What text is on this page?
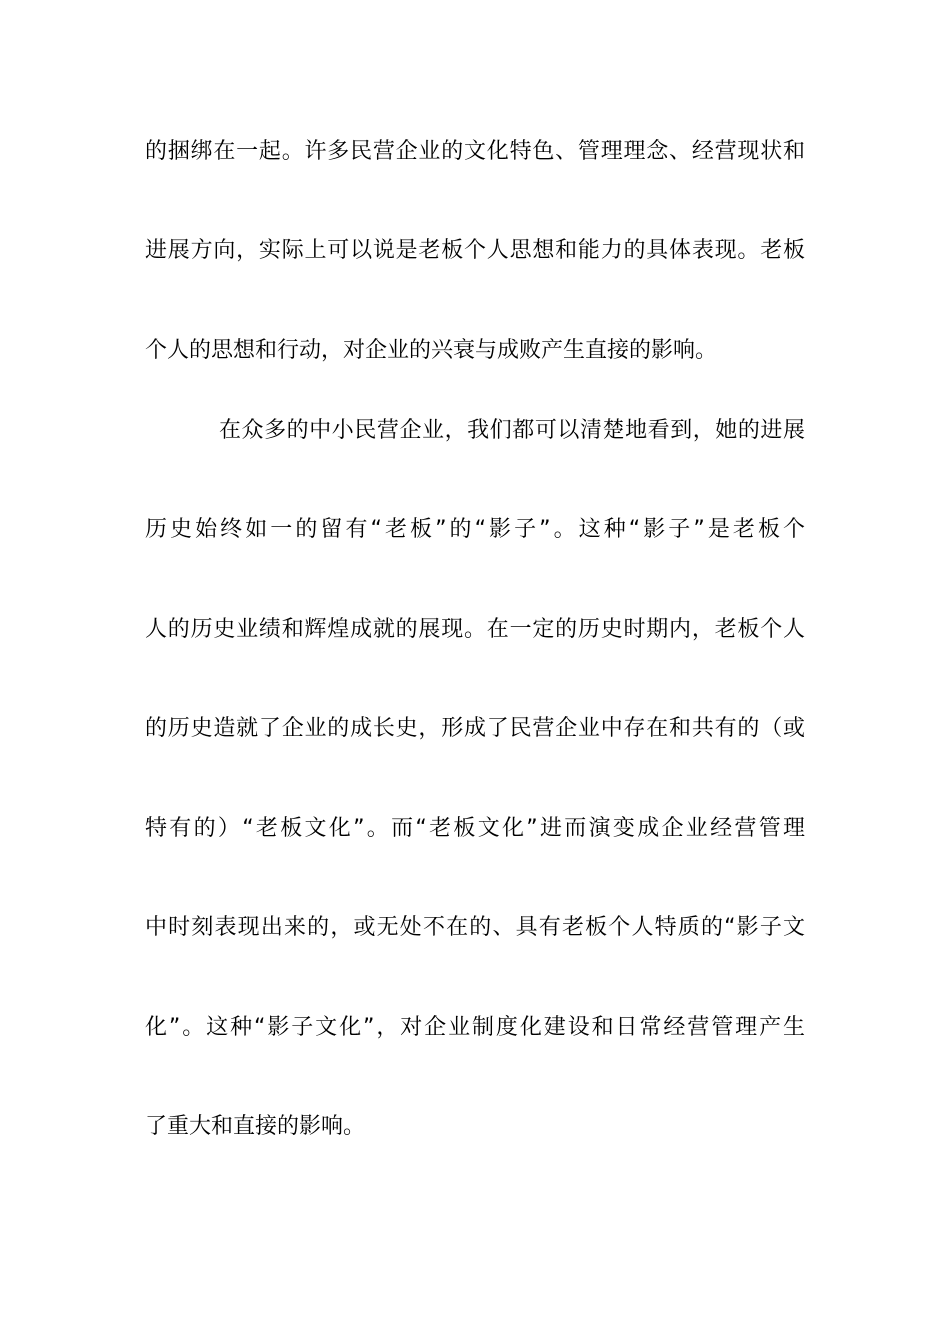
的捆绑在一起。许多民营企业的文化特色、管理理念、经营现状和
进展方向，实际上可以说是老板个人思想和能力的具体表现。老板
个人的思想和行动，对企业的兴衰与成败产生直接的影响。
在众多的中小民营企业，我们都可以清楚地看到，她的进展
历史始终如一的留有“老板”的“影子”。这种“影子”是老板个
人的历史业绩和辉煌成就的展现。在一定的历史时期内，老板个人
的历史造就了企业的成长史，形成了民营企业中存在和共有的（或
特有的）“老板文化”。而“老板文化”进而演变成企业经营管理
中时刻表现出来的，或无处不在的、具有老板个人特质的“影子文
化”。这种“影子文化”，对企业制度化建设和日常经营管理产生
了重大和直接的影响。
